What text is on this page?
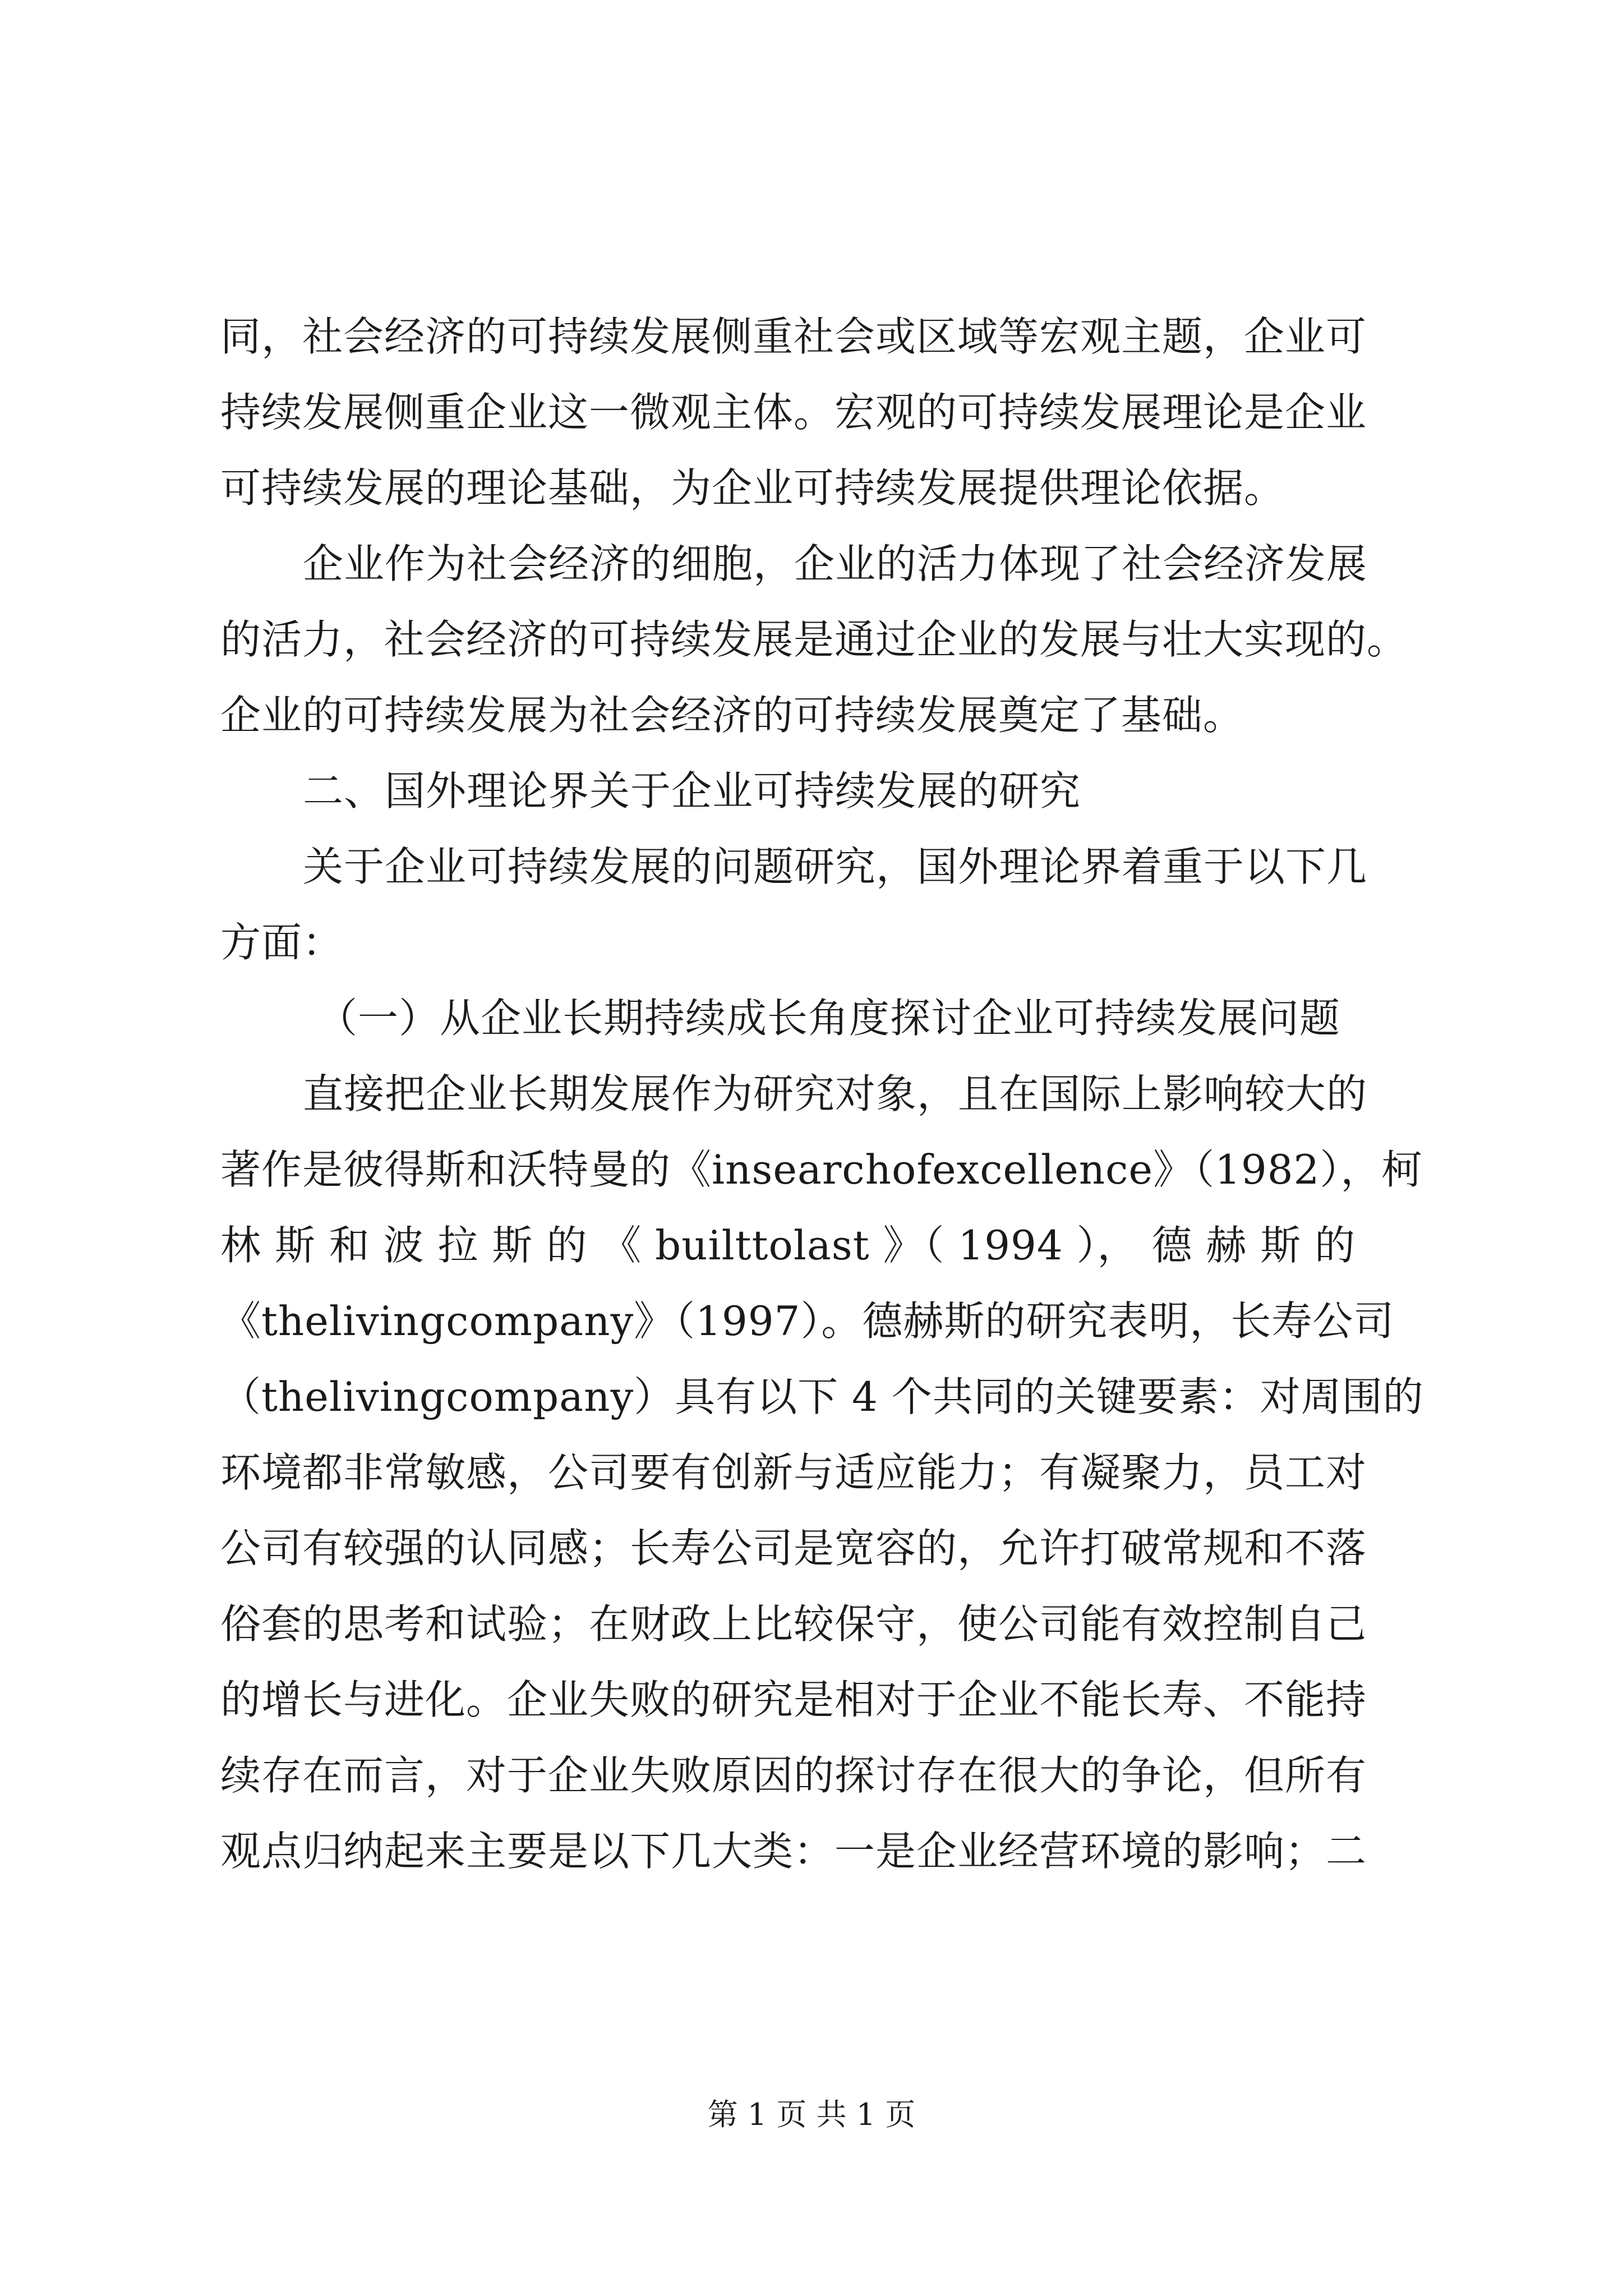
同，社会经济的可持续发展侧重社会或区域等宏观主题，企业可
持续发展侧重企业这一微观主体。宏观的可持续发展理论是企业
可持续发展的理论基础，为企业可持续发展提供理论依据。
企业作为社会经济的细胞，企业的活力体现了社会经济发展
的活力，社会经济的可持续发展是通过企业的发展与壮大实现的。
企业的可持续发展为社会经济的可持续发展奠定了基础。
二、国外理论界关于企业可持续发展的研究
关于企业可持续发展的问题研究，国外理论界着重于以下几
方面：
（一）从企业长期持续成长角度探讨企业可持续发展问题
直接把企业长期发展作为研究对象，且在国际上影响较大的
著作是彼得斯和沃特曼的《insearchofexcellence》（1982），柯
林 斯 和 波 拉 斯 的 《 builttolast 》（ 1994 ）， 德 赫 斯 的
《thelivingcompany》（1997）。德赫斯的研究表明，长寿公司
（thelivingcompany）具有以下 4 个共同的关键要素：对周围的
环境都非常敏感，公司要有创新与适应能力；有凝聚力，员工对
公司有较强的认同感；长寿公司是宽容的，允许打破常规和不落
俗套的思考和试验；在财政上比较保守，使公司能有效控制自己
的增长与进化。企业失败的研究是相对于企业不能长寿、不能持
续存在而言，对于企业失败原因的探讨存在很大的争论，但所有
观点归纳起来主要是以下几大类：一是企业经营环境的影响；二
第 1 页 共 1 页
